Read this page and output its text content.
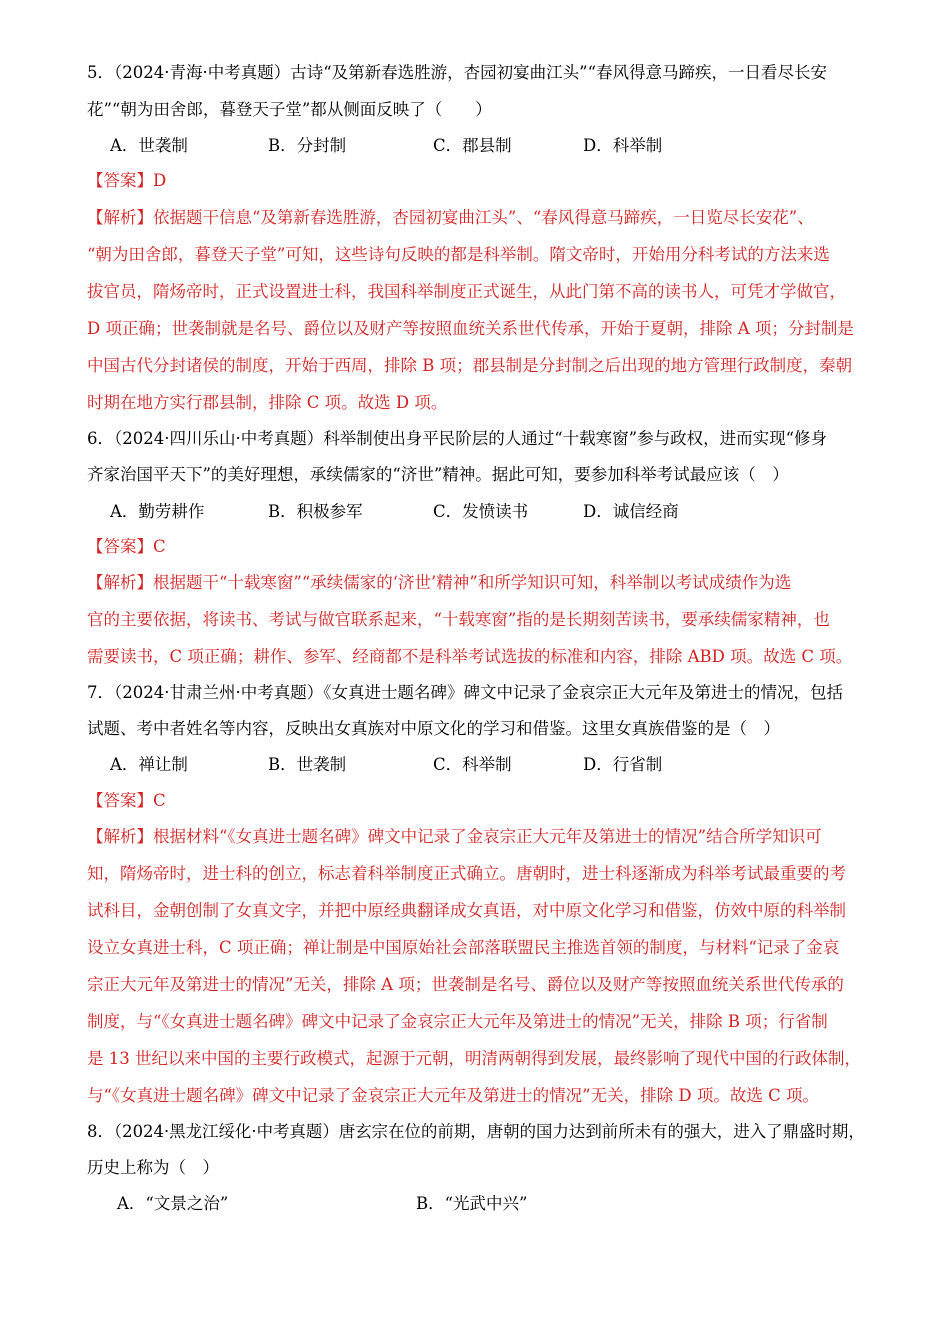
5．（2024·青海·中考真题）古诗“及第新春选胜游，杏园初宴曲江头”“春风得意马蹄疾，一日看尽长安
花”“朝为田舍郎，暮登天子堂”都从侧面反映了（　　）
A．世袭制	B．分封制	C．郡县制	D．科举制
【答案】D
【解析】依据题干信息“及第新春选胜游，杏园初宴曲江头”、“春风得意马蹄疾，一日览尽长安花”、
“朝为田舍郎，暮登天子堂”可知，这些诗句反映的都是科举制。隋文帝时，开始用分科考试的方法来选
拔官员，隋炀帝时，正式设置进士科，我国科举制度正式诞生，从此门第不高的读书人，可凭才学做官，
D 项正确；世袭制就是名号、爵位以及财产等按照血统关系世代传承，开始于夏朝，排除 A 项；分封制是
中国古代分封诸侯的制度，开始于西周，排除 B 项；郡县制是分封制之后出现的地方管理行政制度，秦朝
时期在地方实行郡县制，排除 C 项。故选 D 项。
6．（2024·四川乐山·中考真题）科举制使出身平民阶层的人通过“十载寒窗”参与政权，进而实现“修身
齐家治国平天下”的美好理想，承续儒家的“济世”精神。据此可知，要参加科举考试最应该（　）
A．勤劳耕作	B．积极参军	C．发愤读书	D．诚信经商
【答案】C
【解析】根据题干“十载寒窗”“承续儒家的‘济世’精神”和所学知识可知，科举制以考试成绩作为选
官的主要依据，将读书、考试与做官联系起来，“十载寒窗”指的是长期刻苦读书，要承续儒家精神，也
需要读书，C 项正确；耕作、参军、经商都不是科举考试选拔的标准和内容，排除 ABD 项。故选 C 项。
7．（2024·甘肃兰州·中考真题）《女真进士题名碑》碑文中记录了金哀宗正大元年及第进士的情况，包括
试题、考中者姓名等内容，反映出女真族对中原文化的学习和借鉴。这里女真族借鉴的是（　）
A．禅让制	B．世袭制	C．科举制	D．行省制
【答案】C
【解析】根据材料“《女真进士题名碑》碑文中记录了金哀宗正大元年及第进士的情况”结合所学知识可
知，隋炀帝时，进士科的创立，标志着科举制度正式确立。唐朝时，进士科逐渐成为科举考试最重要的考
试科目，金朝创制了女真文字，并把中原经典翻译成女真语，对中原文化学习和借鉴，仿效中原的科举制
设立女真进士科，C 项正确；禅让制是中国原始社会部落联盟民主推选首领的制度，与材料“记录了金哀
宗正大元年及第进士的情况”无关，排除 A 项；世袭制是名号、爵位以及财产等按照血统关系世代传承的
制度，与“《女真进士题名碑》碑文中记录了金哀宗正大元年及第进士的情况”无关，排除 B 项；行省制
是 13 世纪以来中国的主要行政模式，起源于元朝，明清两朝得到发展，最终影响了现代中国的行政体制，
与“《女真进士题名碑》碑文中记录了金哀宗正大元年及第进士的情况”无关，排除 D 项。故选 C 项。
8．（2024·黑龙江绥化·中考真题）唐玄宗在位的前期，唐朝的国力达到前所未有的强大，进入了鼎盛时期，
历史上称为（　）
A．“文景之治”	B．“光武中兴”
